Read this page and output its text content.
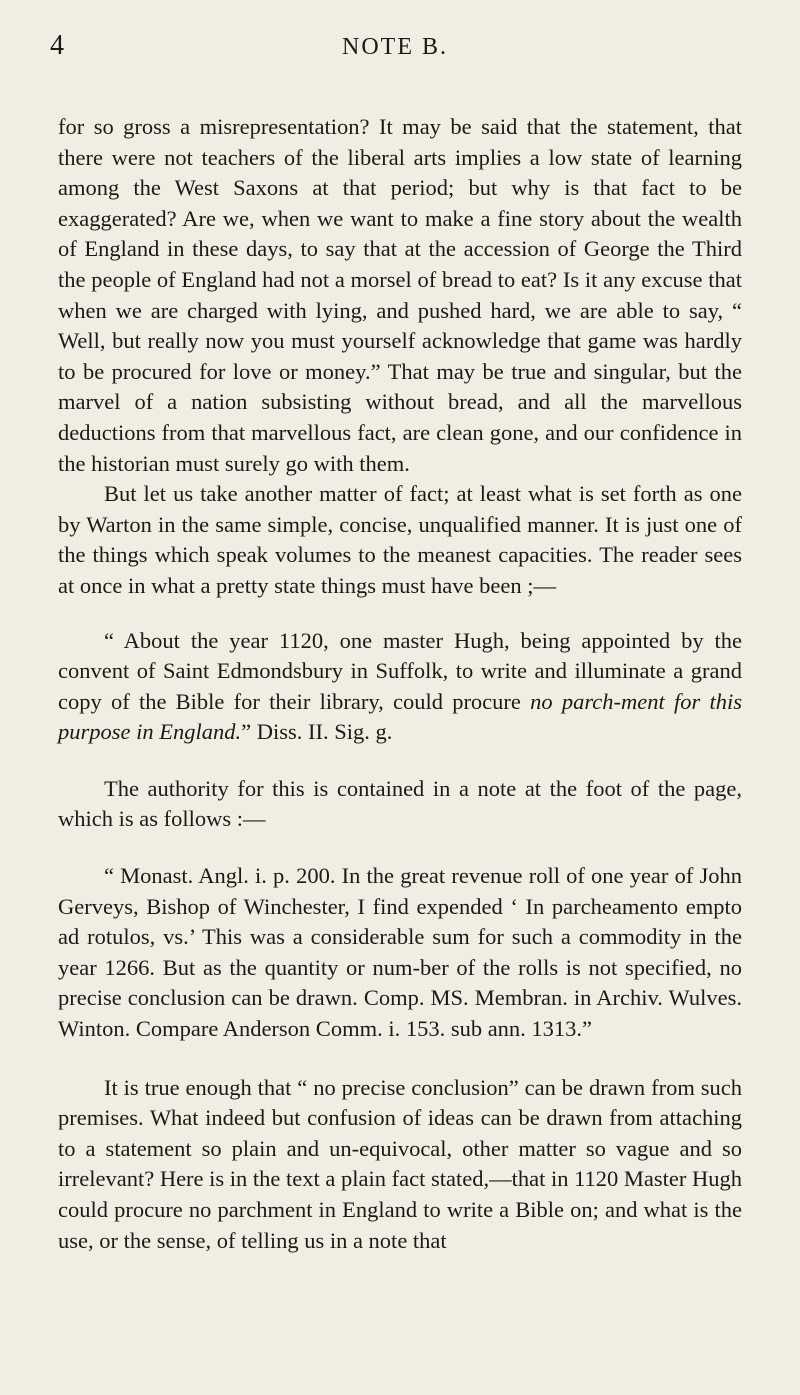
4	NOTE B.

for so gross a misrepresentation? It may be said that the statement, that there were not teachers of the liberal arts implies a low state of learning among the West Saxons at that period; but why is that fact to be exaggerated? Are we, when we want to make a fine story about the wealth of England in these days, to say that at the accession of George the Third the people of England had not a morsel of bread to eat? Is it any excuse that when we are charged with lying, and pushed hard, we are able to say, “ Well, but really now you must yourself acknowledge that game was hardly to be procured for love or money.” That may be true and singular, but the marvel of a nation subsisting without bread, and all the marvellous deductions from that marvellous fact, are clean gone, and our confidence in the historian must surely go with them.

But let us take another matter of fact; at least what is set forth as one by Warton in the same simple, concise, unqualified manner. It is just one of the things which speak volumes to the meanest capacities. The reader sees at once in what a pretty state things must have been ;—

“ About the year 1120, one master Hugh, being appointed by the convent of Saint Edmondsbury in Suffolk, to write and illuminate a grand copy of the Bible for their library, could procure no parch-ment for this purpose in England.” Diss. II. Sig. g.

The authority for this is contained in a note at the foot of the page, which is as follows :—

“ Monast. Angl. i. p. 200. In the great revenue roll of one year of John Gerveys, Bishop of Winchester, I find expended ‘ In parcheamento empto ad rotulos, vs.’ This was a considerable sum for such a commodity in the year 1266. But as the quantity or num-ber of the rolls is not specified, no precise conclusion can be drawn. Comp. MS. Membran. in Archiv. Wulves. Winton. Compare Anderson Comm. i. 153. sub ann. 1313.”

It is true enough that “ no precise conclusion” can be drawn from such premises. What indeed but confusion of ideas can be drawn from attaching to a statement so plain and un-equivocal, other matter so vague and so irrelevant? Here is in the text a plain fact stated,—that in 1120 Master Hugh could procure no parchment in England to write a Bible on; and what is the use, or the sense, of telling us in a note that
